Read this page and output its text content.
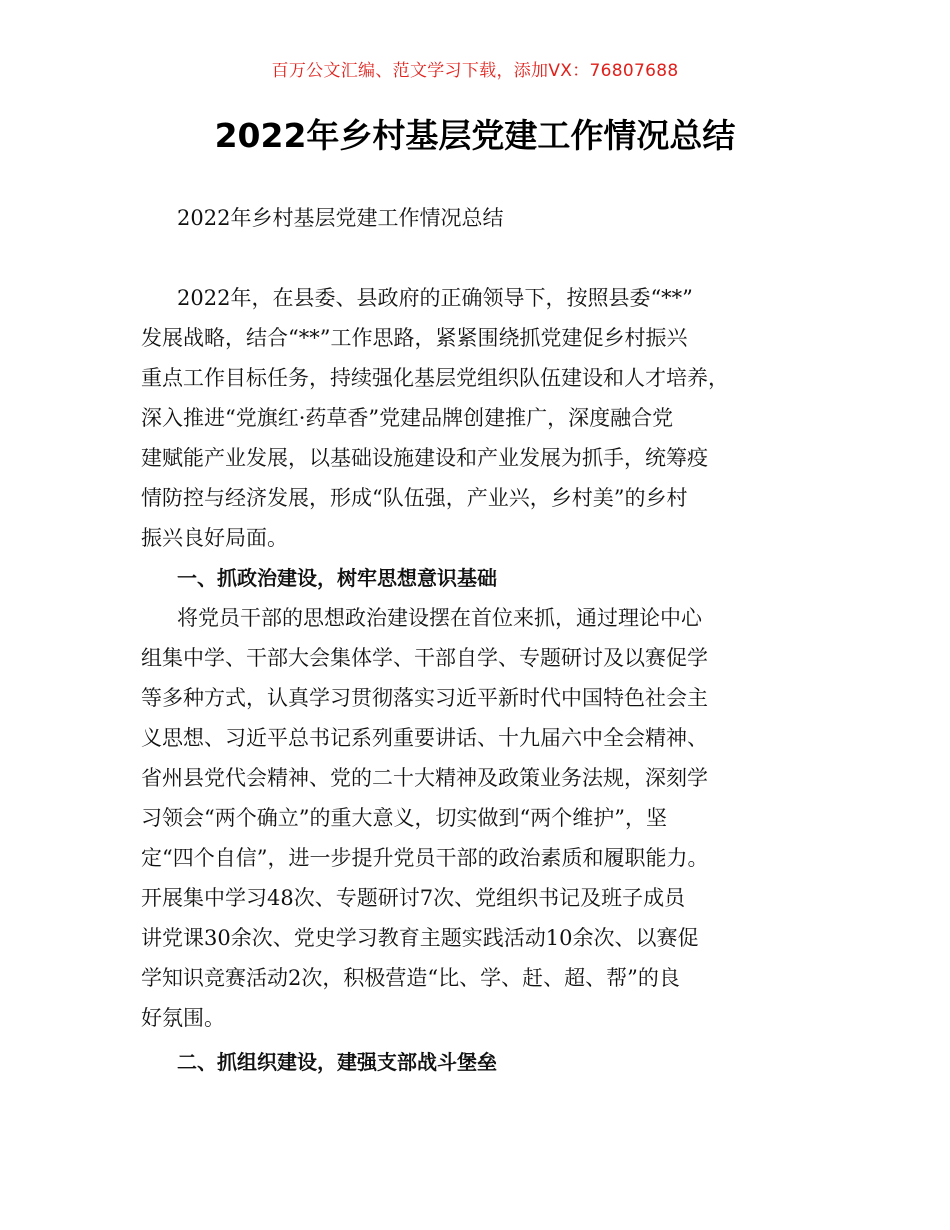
百万公文汇编、范文学习下载，添加VX：76807688
2022年乡村基层党建工作情况总结

2022年乡村基层党建工作情况总结

2022年，在县委、县政府的正确领导下，按照县委“**”
发展战略，结合“**”工作思路，紧紧围绕抓党建促乡村振兴
重点工作目标任务，持续强化基层党组织队伍建设和人才培养，
深入推进“党旗红·药草香”党建品牌创建推广，深度融合党
建赋能产业发展，以基础设施建设和产业发展为抓手，统筹疫
情防控与经济发展，形成“队伍强，产业兴，乡村美”的乡村
振兴良好局面。

一、抓政治建设，树牢思想意识基础

将党员干部的思想政治建设摆在首位来抓，通过理论中心
组集中学、干部大会集体学、干部自学、专题研讨及以赛促学
等多种方式，认真学习贯彻落实习近平新时代中国特色社会主
义思想、习近平总书记系列重要讲话、十九届六中全会精神、
省州县党代会精神、党的二十大精神及政策业务法规，深刻学
习领会“两个确立”的重大意义，切实做到“两个维护”，坚
定“四个自信”，进一步提升党员干部的政治素质和履职能力。
开展集中学习48次、专题研讨7次、党组织书记及班子成员
讲党课30余次、党史学习教育主题实践活动10余次、以赛促
学知识竞赛活动2次，积极营造“比、学、赶、超、帮”的良
好氛围。

二、抓组织建设，建强支部战斗堡垒
